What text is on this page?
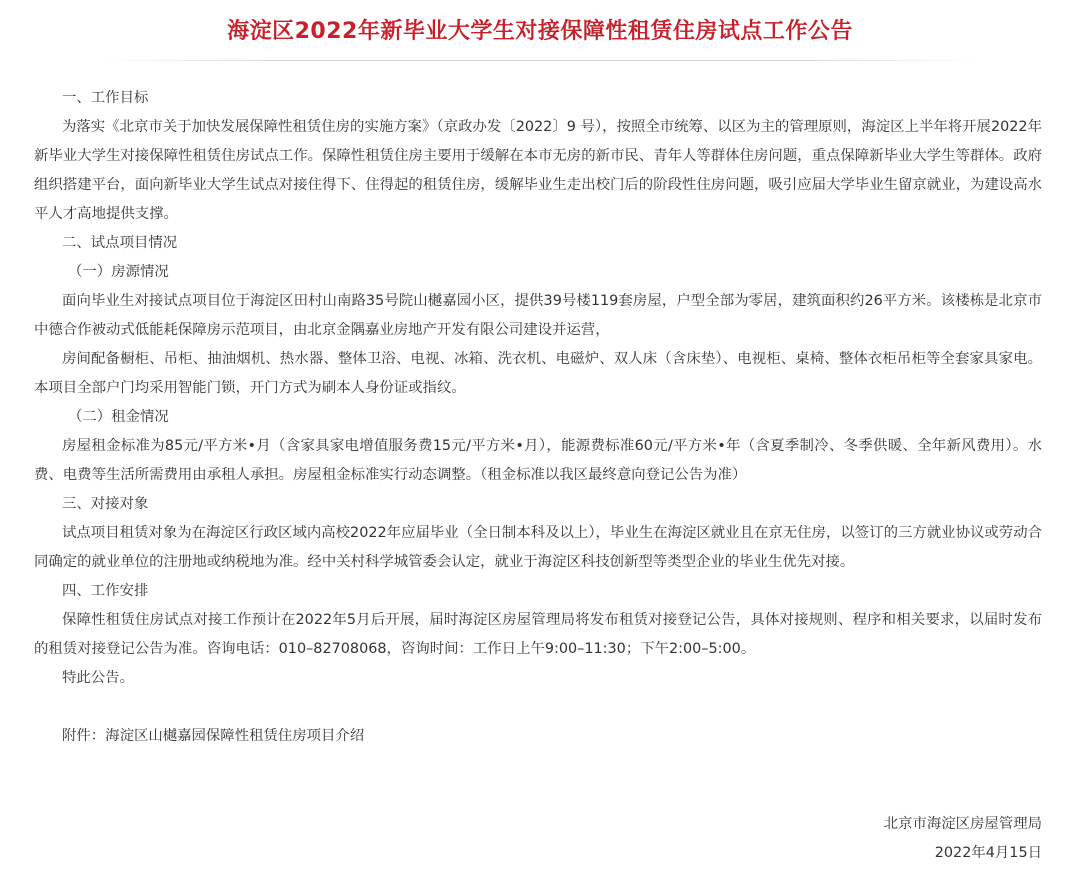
海淀区2022年新毕业大学生对接保障性租赁住房试点工作公告

一、工作目标

为落实《北京市关于加快发展保障性租赁住房的实施方案》（京政办发〔2022〕9 号），按照全市统筹、以区为主的管理原则，海淀区上半年将开展2022年新毕业大学生对接保障性租赁住房试点工作。保障性租赁住房主要用于缓解在本市无房的新市民、青年人等群体住房问题，重点保障新毕业大学生等群体。政府组织搭建平台，面向新毕业大学生试点对接住得下、住得起的租赁住房，缓解毕业生走出校门后的阶段性住房问题，吸引应届大学毕业生留京就业，为建设高水平人才高地提供支撑。

二、试点项目情况

（一）房源情况

面向毕业生对接试点项目位于海淀区田村山南路35号院山樾嘉园小区，提供39号楼119套房屋，户型全部为零居，建筑面积约26平方米。该楼栋是北京市中德合作被动式低能耗保障房示范项目，由北京金隅嘉业房地产开发有限公司建设并运营，

房间配备橱柜、吊柜、抽油烟机、热水器、整体卫浴、电视、冰箱、洗衣机、电磁炉、双人床（含床垫）、电视柜、桌椅、整体衣柜吊柜等全套家具家电。本项目全部户门均采用智能门锁，开门方式为刷本人身份证或指纹。

（二）租金情况

房屋租金标准为85元/平方米•月（含家具家电增值服务费15元/平方米•月），能源费标准60元/平方米•年（含夏季制冷、冬季供暖、全年新风费用）。水费、电费等生活所需费用由承租人承担。房屋租金标准实行动态调整。（租金标准以我区最终意向登记公告为准）

三、对接对象

试点项目租赁对象为在海淀区行政区域内高校2022年应届毕业（全日制本科及以上），毕业生在海淀区就业且在京无住房，以签订的三方就业协议或劳动合同确定的就业单位的注册地或纳税地为准。经中关村科学城管委会认定，就业于海淀区科技创新型等类型企业的毕业生优先对接。

四、工作安排

保障性租赁住房试点对接工作预计在2022年5月后开展，届时海淀区房屋管理局将发布租赁对接登记公告，具体对接规则、程序和相关要求，以届时发布的租赁对接登记公告为准。咨询电话：010–82708068，咨询时间：工作日上午9:00–11:30；下午2:00–5:00。

特此公告。

附件：海淀区山樾嘉园保障性租赁住房项目介绍

北京市海淀区房屋管理局
2022年4月15日
